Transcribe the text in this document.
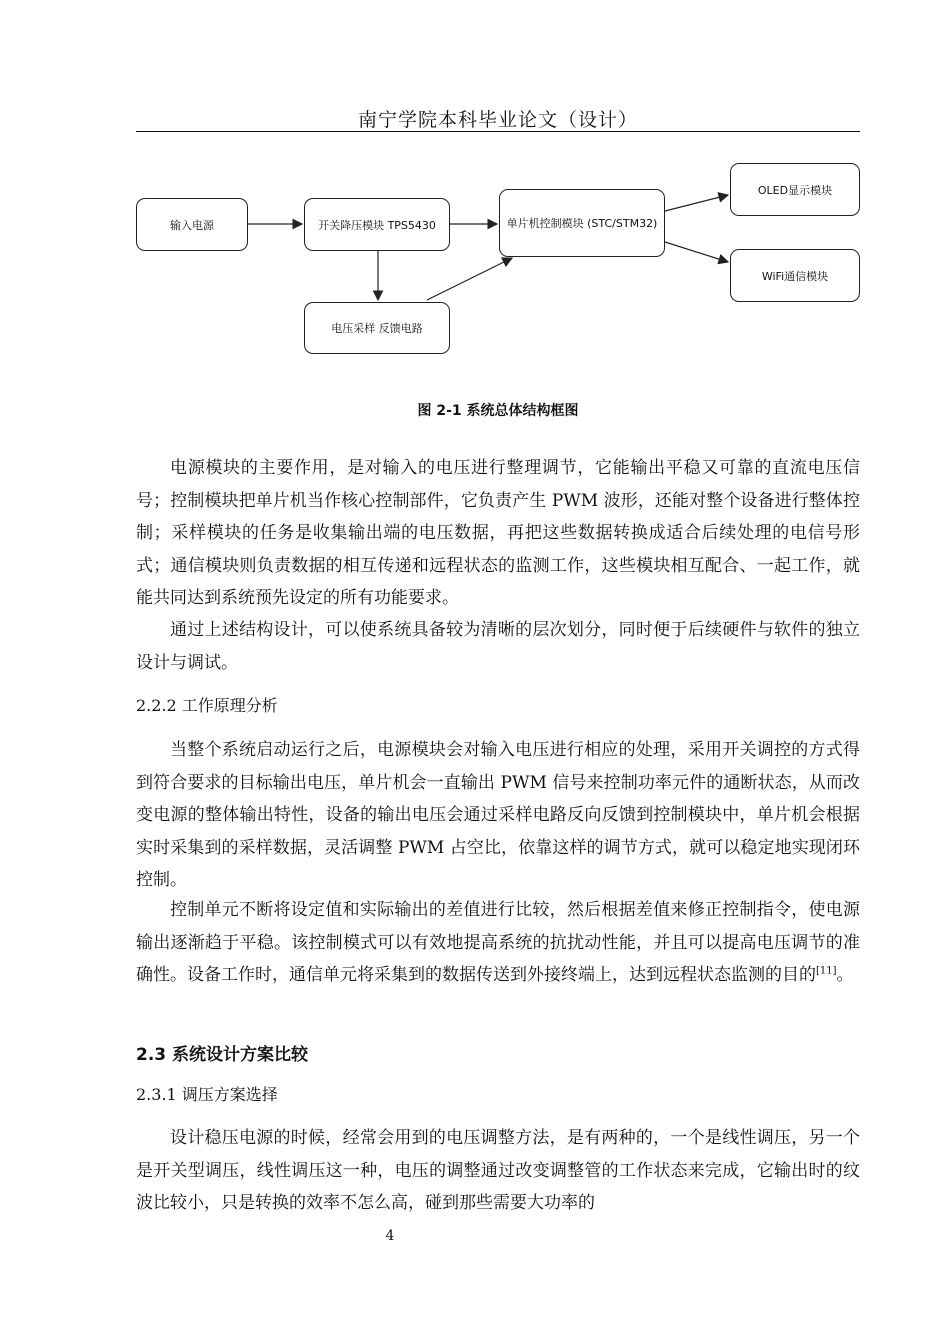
南宁学院本科毕业论文（设计）
输入电源	开关降压模块 TPS5430	单片机控制模块 (STC/STM32)
OLED显示模块
WiFi通信模块
电压采样 反馈电路
图 2-1 系统总体结构框图

电源模块的主要作用，是对输入的电压进行整理调节，它能输出平稳又可靠的直流电压信号；控制模块把单片机当作核心控制部件，它负责产生 PWM 波形，还能对整个设备进行整体控制；采样模块的任务是收集输出端的电压数据，再把这些数据转换成适合后续处理的电信号形式；通信模块则负责数据的相互传递和远程状态的监测工作，这些模块相互配合、一起工作，就能共同达到系统预先设定的所有功能要求。

通过上述结构设计，可以使系统具备较为清晰的层次划分，同时便于后续硬件与软件的独立设计与调试。

2.2.2 工作原理分析

当整个系统启动运行之后，电源模块会对输入电压进行相应的处理，采用开关调控的方式得到符合要求的目标输出电压，单片机会一直输出 PWM 信号来控制功率元件的通断状态，从而改变电源的整体输出特性，设备的输出电压会通过采样电路反向反馈到控制模块中，单片机会根据实时采集到的采样数据，灵活调整 PWM 占空比，依靠这样的调节方式，就可以稳定地实现闭环控制。

控制单元不断将设定值和实际输出的差值进行比较，然后根据差值来修正控制指令，使电源输出逐渐趋于平稳。该控制模式可以有效地提高系统的抗扰动性能，并且可以提高电压调节的准确性。设备工作时，通信单元将采集到的数据传送到外接终端上，达到远程状态监测的目的[11]。

2.3 系统设计方案比较

2.3.1 调压方案选择

设计稳压电源的时候，经常会用到的电压调整方法，是有两种的，一个是线性调压，另一个是开关型调压，线性调压这一种，电压的调整通过改变调整管的工作状态来完成，它输出时的纹波比较小，只是转换的效率不怎么高，碰到那些需要大功率的

4
